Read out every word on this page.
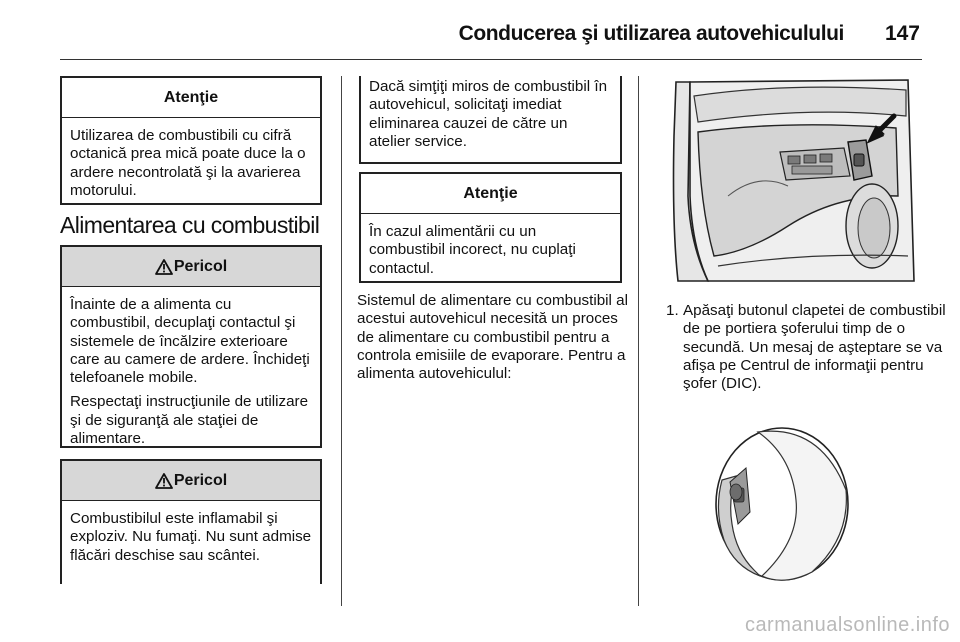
Conducerea şi utilizarea autovehiculului 147
Atenţie

Utilizarea de combustibili cu cifră octanică prea mică poate duce la o ardere necontrolată şi la avarierea motorului.

Alimentarea cu combustibil
Pericol

Înainte de a alimenta cu combustibil, decuplaţi contactul şi sistemele de încălzire exterioare care au camere de ardere. Închideţi telefoanele mobile.

Respectaţi instrucţiunile de utilizare şi de siguranţă ale staţiei de alimentare.

Pericol

Combustibilul este inflamabil şi exploziv. Nu fumaţi. Nu sunt admise flăcări deschise sau scântei.

Dacă simţiţi miros de combustibil în autovehicul, solicitaţi imediat eliminarea cauzei de către un atelier service.

Atenţie

În cazul alimentării cu un combustibil incorect, nu cuplaţi contactul.

Sistemul de alimentare cu combustibil al acestui autovehicul necesită un proces de alimentare cu combustibil pentru a controla emisiile de evaporare. Pentru a alimenta autovehiculul:
1. Apăsaţi butonul clapetei de combustibil de pe portiera şoferului timp de o secundă. Un mesaj de aşteptare se va afişa pe Centrul de informaţii pentru şofer (DIC).
carmanualsonline.info
